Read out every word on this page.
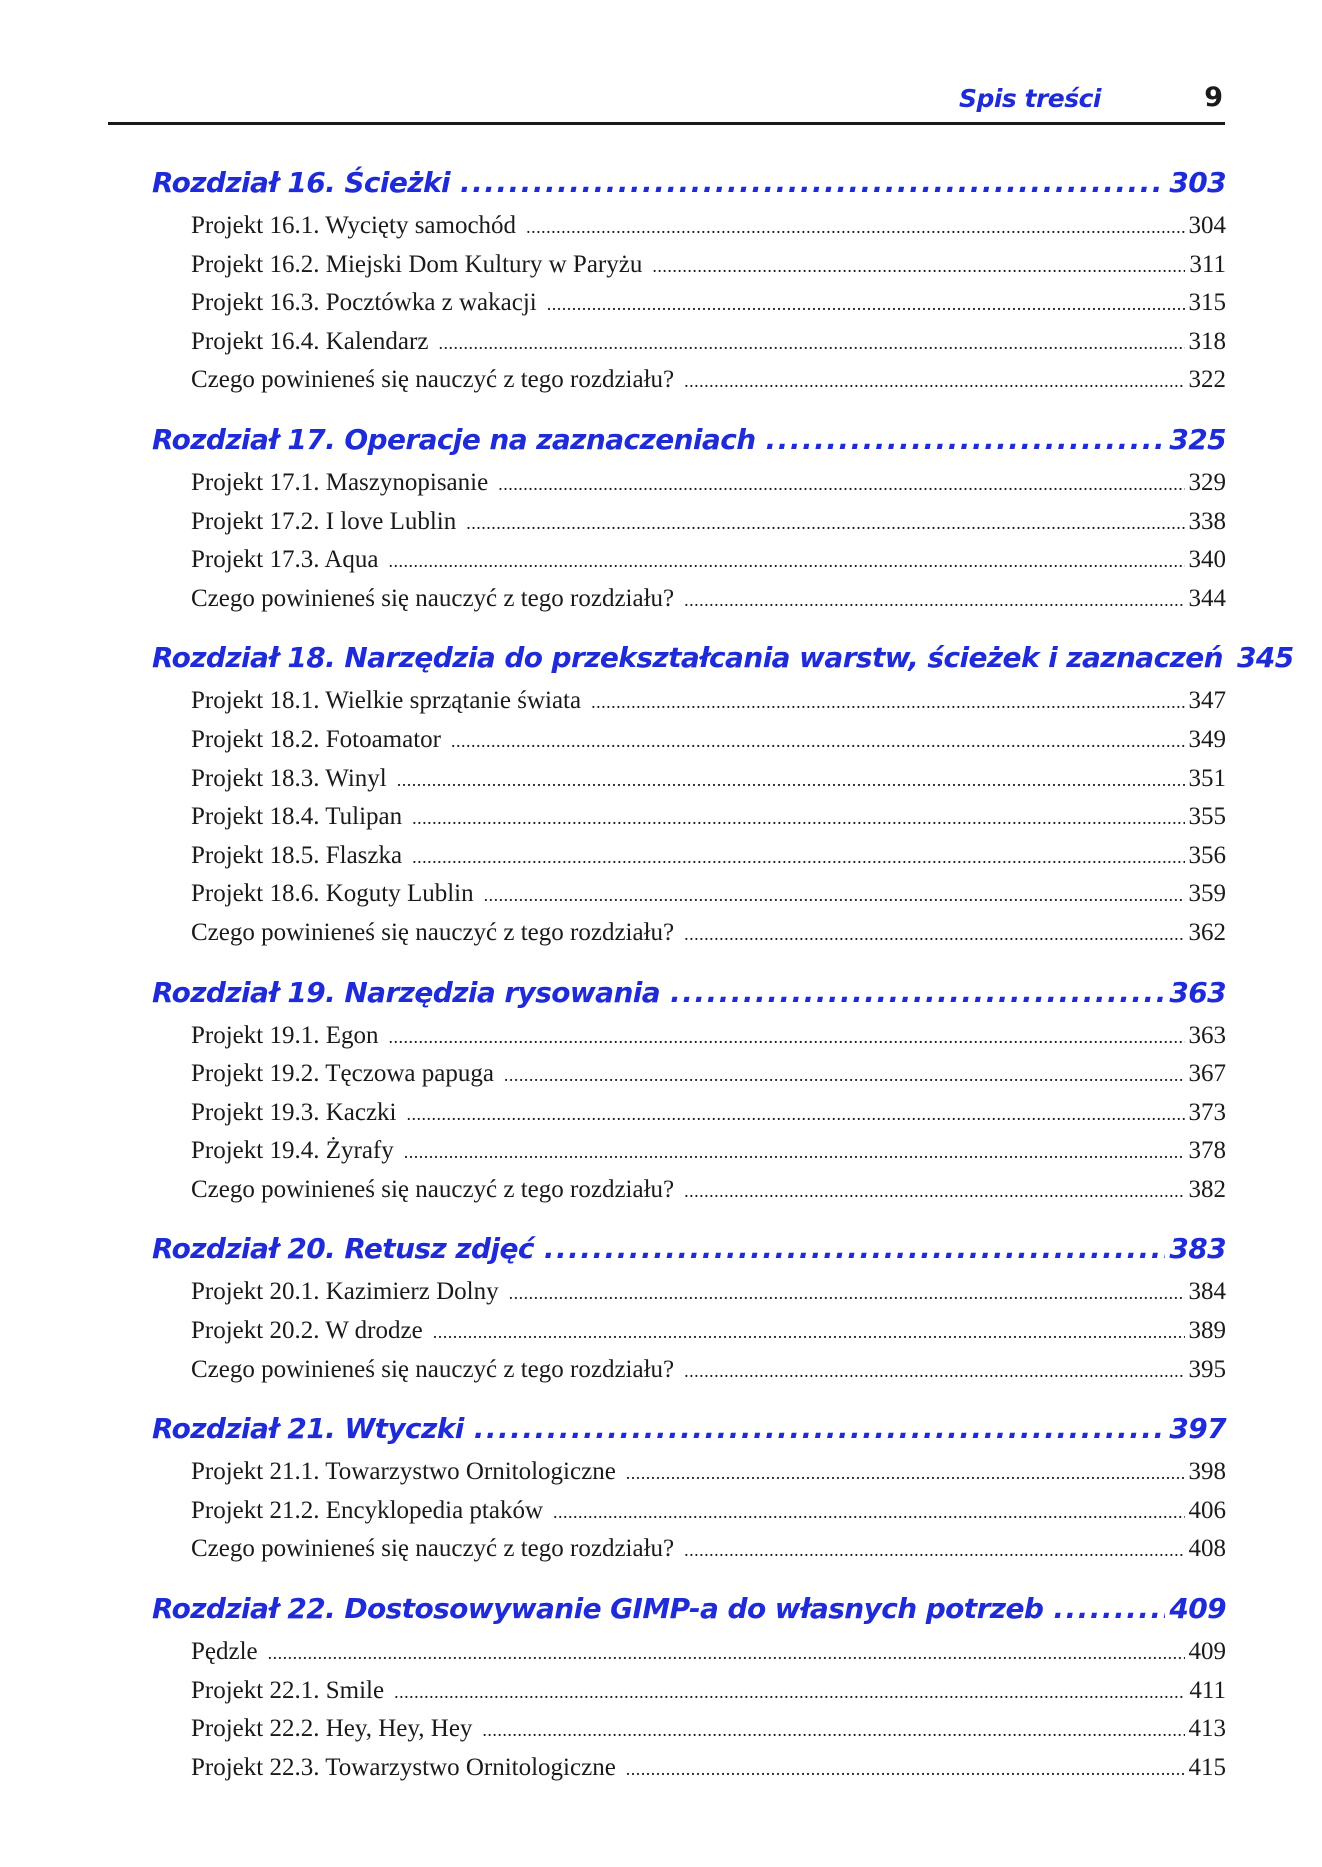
Spis treści	9
Rozdział 16. Ścieżki .....	303
Projekt 16.1. Wycięty samochód .....	304
Projekt 16.2. Miejski Dom Kultury w Paryżu .....	311
Projekt 16.3. Pocztówka z wakacji .....	315
Projekt 16.4. Kalendarz .....	318
Czego powinieneś się nauczyć z tego rozdziału? .....	322
Rozdział 17. Operacje na zaznaczeniach .....	325
Projekt 17.1. Maszynopisanie .....	329
Projekt 17.2. I love Lublin .....	338
Projekt 17.3. Aqua .....	340
Czego powinieneś się nauczyć z tego rozdziału? .....	344
Rozdział 18. Narzędzia do przekształcania warstw, ścieżek i zaznaczeń 345
Projekt 18.1. Wielkie sprzątanie świata .....	347
Projekt 18.2. Fotoamator .....	349
Projekt 18.3. Winyl .....	351
Projekt 18.4. Tulipan .....	355
Projekt 18.5. Flaszka .....	356
Projekt 18.6. Koguty Lublin .....	359
Czego powinieneś się nauczyć z tego rozdziału? .....	362
Rozdział 19. Narzędzia rysowania .....	363
Projekt 19.1. Egon .....	363
Projekt 19.2. Tęczowa papuga .....	367
Projekt 19.3. Kaczki .....	373
Projekt 19.4. Żyrafy .....	378
Czego powinieneś się nauczyć z tego rozdziału? .....	382
Rozdział 20. Retusz zdjęć .....	383
Projekt 20.1. Kazimierz Dolny .....	384
Projekt 20.2. W drodze .....	389
Czego powinieneś się nauczyć z tego rozdziału? .....	395
Rozdział 21. Wtyczki .....	397
Projekt 21.1. Towarzystwo Ornitologiczne .....	398
Projekt 21.2. Encyklopedia ptaków .....	406
Czego powinieneś się nauczyć z tego rozdziału? .....	408
Rozdział 22. Dostosowywanie GIMP-a do własnych potrzeb .....	409
Pędzle .....	409
Projekt 22.1. Smile .....	411
Projekt 22.2. Hey, Hey, Hey .....	413
Projekt 22.3. Towarzystwo Ornitologiczne .....	415
